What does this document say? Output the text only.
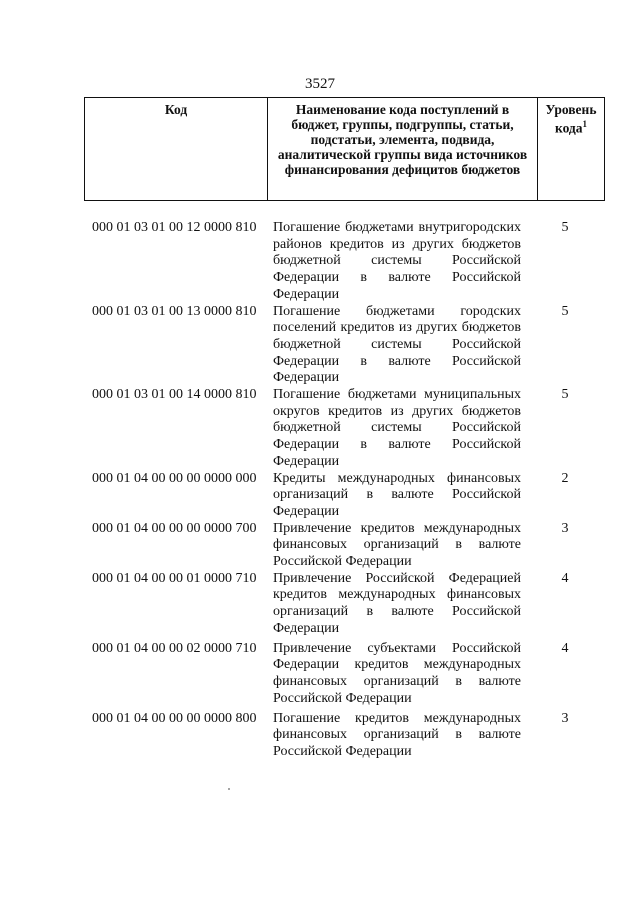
3527
Код	Наименование кода поступлений в бюджет, группы, подгруппы, статьи, подстатьи, элемента, подвида, аналитической группы вида источников финансирования дефицитов бюджетов
Уровень кода$^1$
000 01 03 01 00 12 0000 810 Погашение бюджетами внутригородских районов кредитов из других бюджетов бюджетной системы Российской Федерации в валюте Российской Федерации
5
000 01 03 01 00 13 0000 810 Погашение бюджетами городских поселений кредитов из других бюджетов бюджетной системы Российской Федерации в валюте Российской Федерации
5
000 01 03 01 00 14 0000 810 Погашение бюджетами муниципальных округов кредитов из других бюджетов бюджетной системы Российской Федерации в валюте Российской Федерации
5
000 01 04 00 00 00 0000 000 Кредиты международных финансовых организаций в валюте Российской Федерации
2
000 01 04 00 00 00 0000 700 Привлечение кредитов международных финансовых организаций в валюте Российской Федерации
3
000 01 04 00 00 01 0000 710 Привлечение Российской Федерацией кредитов международных финансовых организаций в валюте Российской Федерации
4
000 01 04 00 00 02 0000 710 Привлечение субъектами Российской Федерации кредитов международных финансовых организаций в валюте Российской Федерации
4
000 01 04 00 00 00 0000 800 Погашение кредитов международных финансовых организаций в валюте Российской Федерации
3
